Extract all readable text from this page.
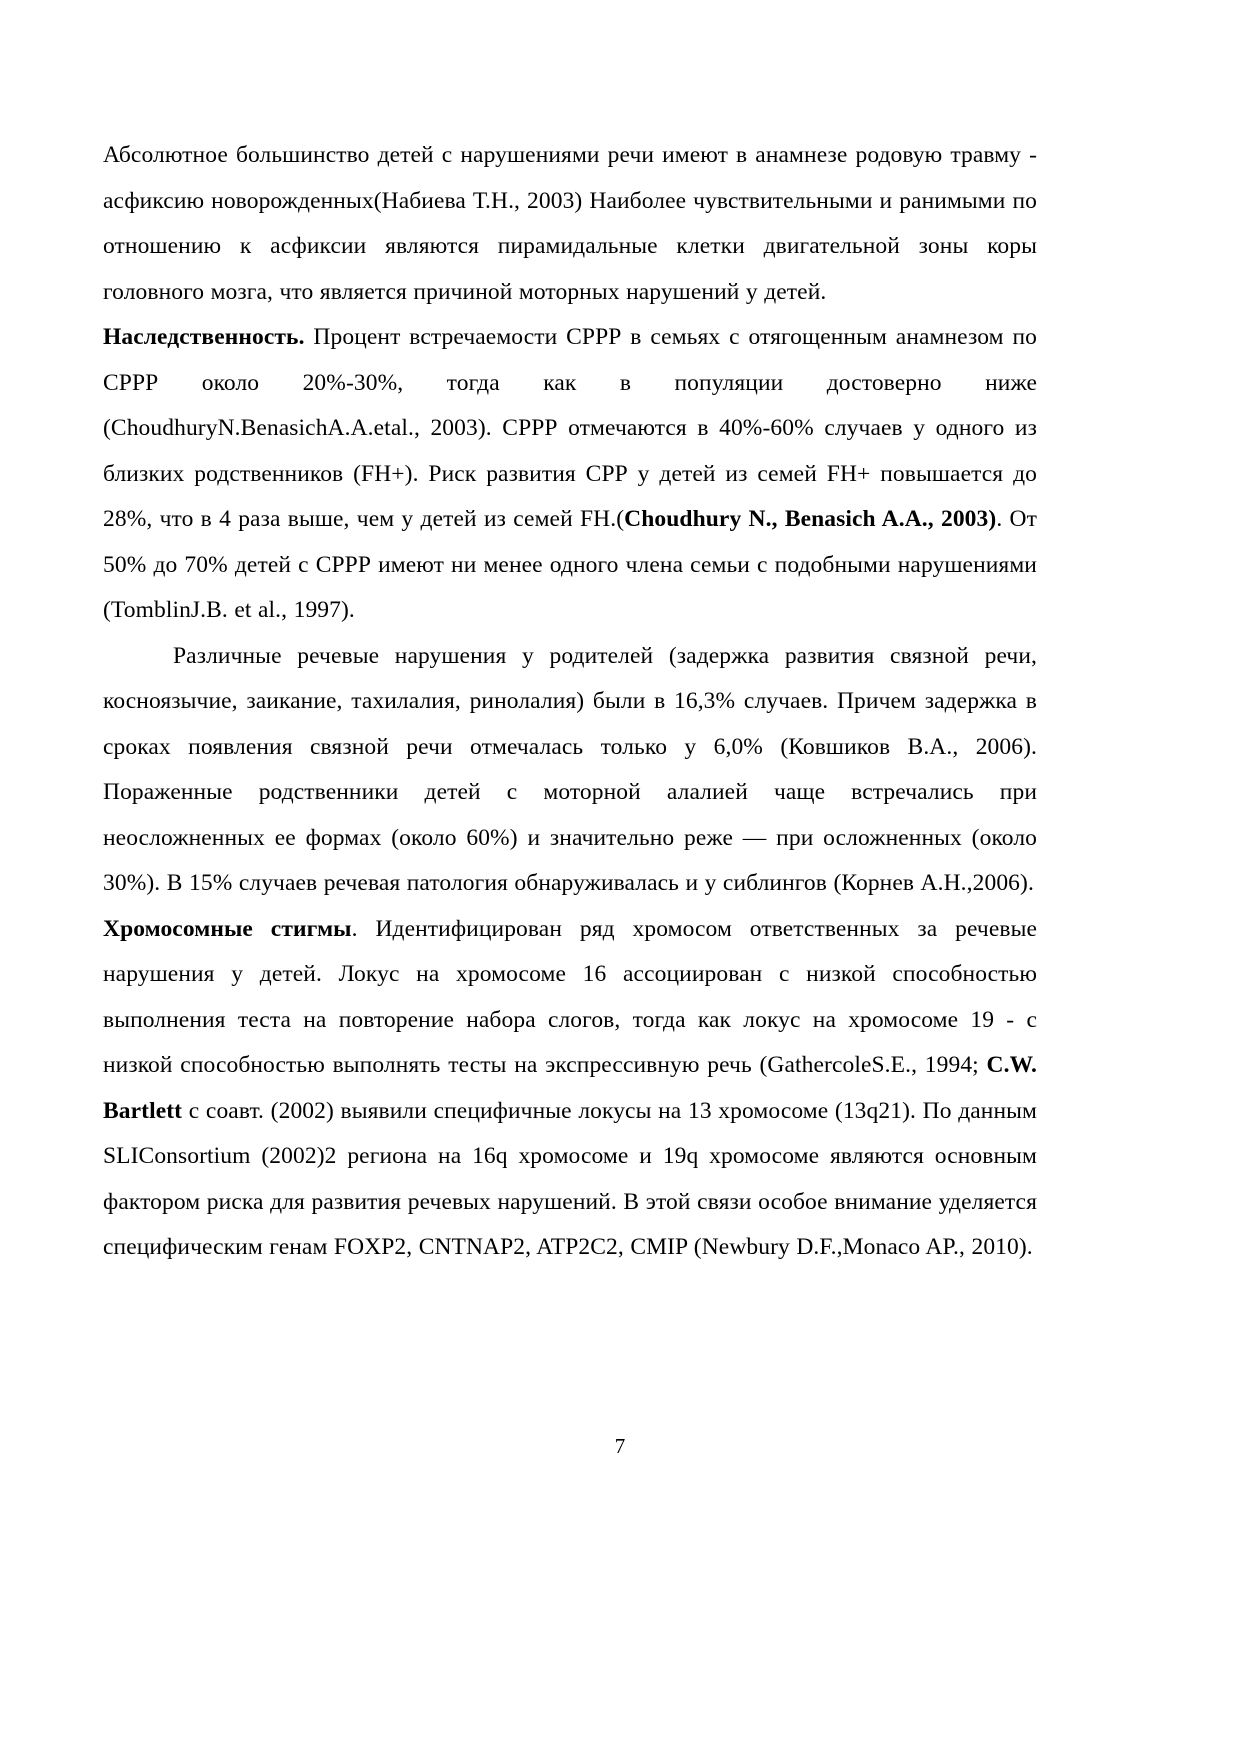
Абсолютное большинство детей с нарушениями речи имеют в анамнезе родовую травму - асфиксию новорожденных(Набиева Т.Н., 2003) Наиболее чувствительными и ранимыми по отношению к асфиксии являются пирамидальные клетки двигательной зоны коры головного мозга, что является причиной моторных нарушений у детей.

Наследственность. Процент встречаемости СРРР в семьях с отягощенным анамнезом по СРРР около 20%-30%, тогда как в популяции достоверно ниже (ChoudhuryN.BenasichA.A.etal., 2003). СРРР отмечаются в 40%-60% случаев у одного из близких родственников (FH+). Риск развития СРР у детей из семей FH+ повышается до 28%, что в 4 раза выше, чем у детей из семей FH.(Choudhury N., Benasich A.A., 2003). От 50% до 70% детей с СРРР имеют ни менее одного члена семьи с подобными нарушениями (TomblinJ.B. et al., 1997).

Различные речевые нарушения у родителей (задержка развития связной речи, косноязычие, заикание, тахилалия, ринолалия) были в 16,3% случаев. Причем задержка в сроках появления связной речи отмечалась только у 6,0% (Ковшиков В.А., 2006). Пораженные родственники детей с моторной алалией чаще встречались при неосложненных ее формах (около 60%) и значительно реже — при осложненных (около 30%). В 15% случаев речевая патология обнаруживалась и у сиблингов (Корнев А.Н.,2006).

Хромосомные стигмы. Идентифицирован ряд хромосом ответственных за речевые нарушения у детей. Локус на хромосоме 16 ассоциирован с низкой способностью выполнения теста на повторение набора слогов, тогда как локус на хромосоме 19 - с низкой способностью выполнять тесты на экспрессивную речь (GathercoleS.E., 1994; C.W. Bartlett с соавт. (2002) выявили специфичные локусы на 13 хромосоме (13q21). По данным SLIConsortium (2002)2 региона на 16q хромосоме и 19q хромосоме являются основным фактором риска для развития речевых нарушений. В этой связи особое внимание уделяется специфическим генам FOXP2, CNTNAP2, ATP2C2, CMIP (Newbury D.F.,Monaco AP., 2010).

7
